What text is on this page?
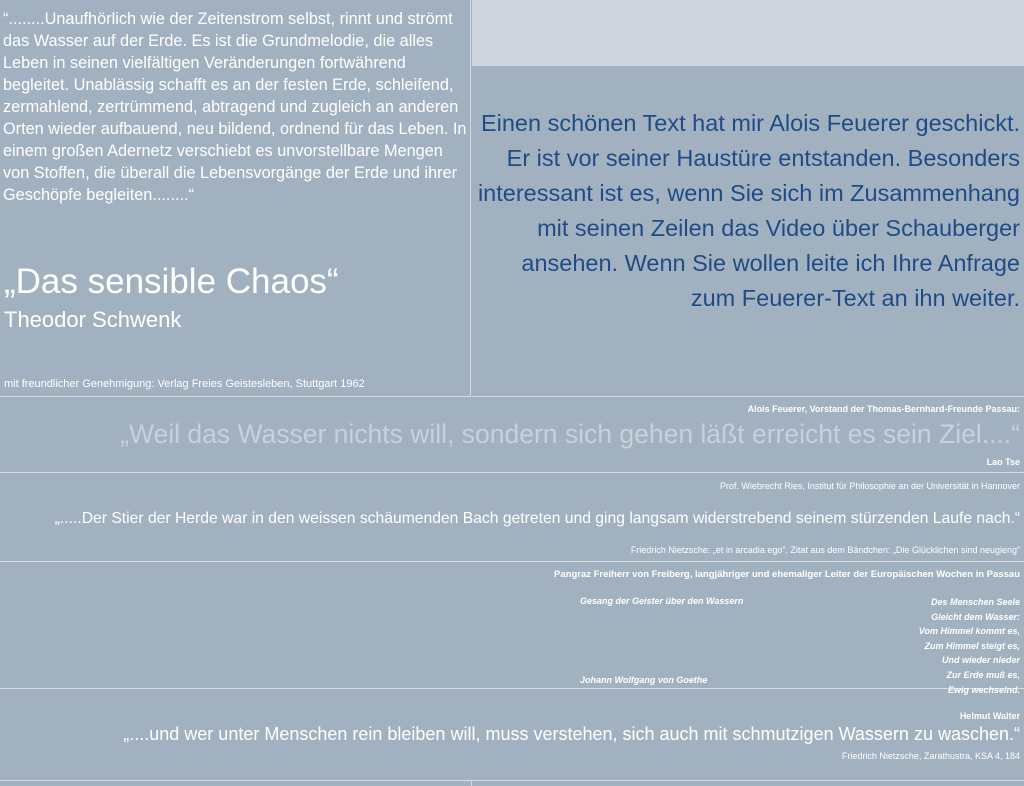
“........Unaufhörlich wie der Zeitenstrom selbst, rinnt und strömt das Wasser auf der Erde. Es ist die Grundmelodie, die alles Leben in seinen vielfältigen Veränderungen fortwährend begleitet. Unablässig schafft es an der festen Erde, schleifend, zermahlend, zertrümmend, abtragend und zugleich an anderen Orten wieder aufbauend, neu bildend, ordnend für das Leben. In einem großen Adernetz verschiebt es unvorstellbare Mengen von Stoffen, die überall die Lebensvorgänge der Erde und ihrer Geschöpfe begleiten........“

„Das sensible Chaos“
Theodor Schwenk

mit freundlicher Genehmigung: Verlag Freies Geistesleben, Stuttgart 1962

Einen schönen Text hat mir Alois Feuerer geschickt. Er ist vor seiner Haustüre entstanden. Besonders interessant ist es, wenn Sie sich im Zusammenhang mit seinen Zeilen das Video über Schauberger ansehen. Wenn Sie wollen leite ich Ihre Anfrage zum Feuerer-Text an ihn weiter.

Alois Feuerer, Vorstand der Thomas-Bernhard-Freunde Passau:
„Weil das Wasser nichts will, sondern sich gehen läßt erreicht es sein Ziel....“
Lao Tse
Prof. Wiebrecht Ries, Institut für Philosophie an der Universität in Hannover
„.....Der Stier der Herde war in den weissen schäumenden Bach getreten und ging langsam widerstrebend seinem stürzenden Laufe nach.“
Friedrich Nietzsche: „et in arcadia ego“, Zitat aus dem Bändchen: „Die Glücklichen sind neugierig“
Pangraz Freiherr von Freiberg, langjähriger und ehemaliger Leiter der Europäischen Wochen in Passau
Gesang der Geister über den Wassern
Johann Wolfgang von Goethe
Des Menschen Seele
Gleicht dem Wasser:
Vom Himmel kommt es,
Zum Himmel steigt es,
Und wieder nieder
Zur Erde muß es,
Ewig wechselnd.
Helmut Walter
„....und wer unter Menschen rein bleiben will, muss verstehen, sich auch mit schmutzigen Wassern zu waschen.“
Friedrich Nietzsche, Zarathustra, KSA 4, 184
